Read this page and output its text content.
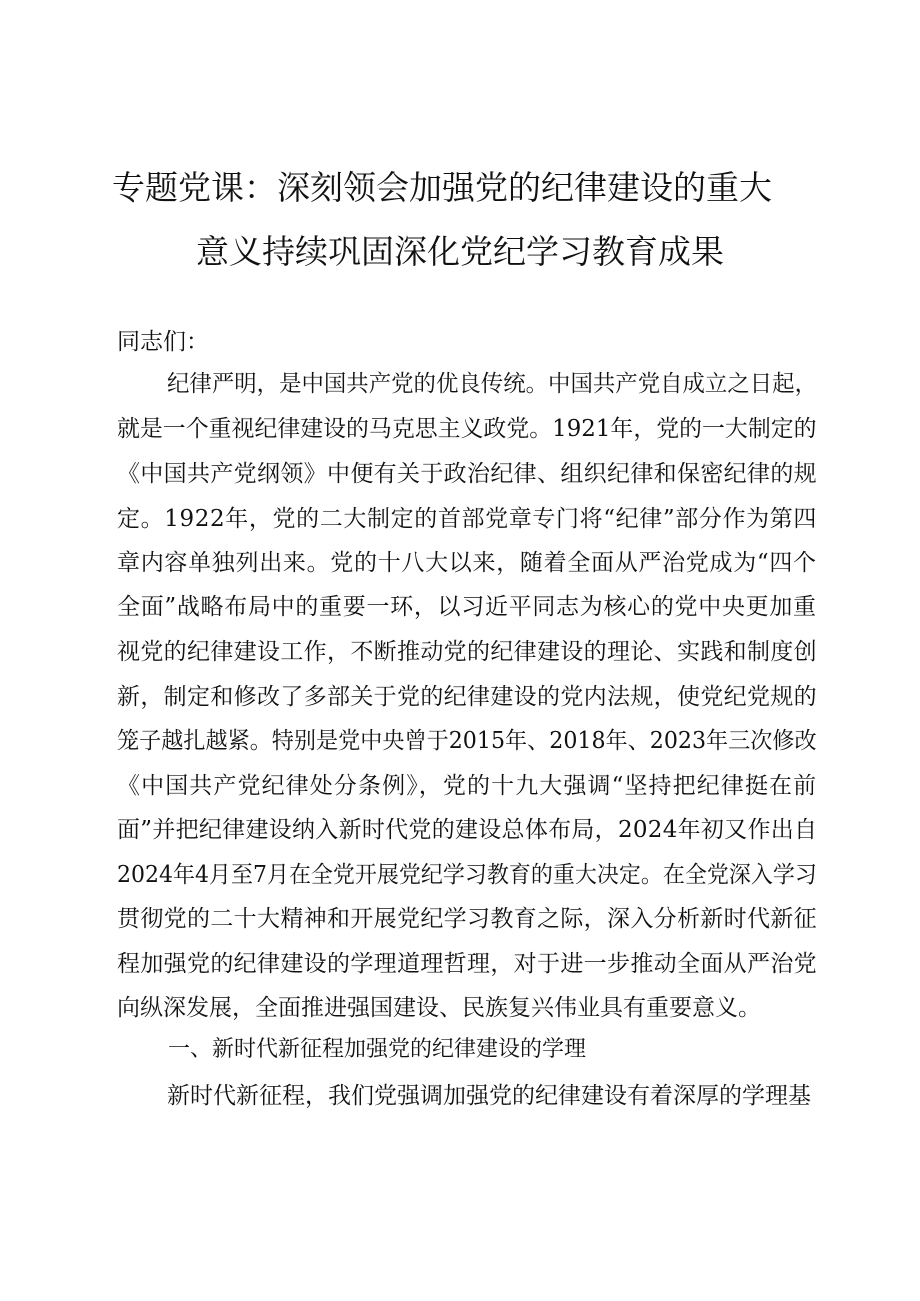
专题党课：深刻领会加强党的纪律建设的重大
意义持续巩固深化党纪学习教育成果
同志们：
纪律严明，是中国共产党的优良传统。中国共产党自成立之日起，
就是一个重视纪律建设的马克思主义政党。1921年，党的一大制定的
《中国共产党纲领》中便有关于政治纪律、组织纪律和保密纪律的规
定。1922年，党的二大制定的首部党章专门将“纪律”部分作为第四
章内容单独列出来。党的十八大以来，随着全面从严治党成为“四个
全面”战略布局中的重要一环，以习近平同志为核心的党中央更加重
视党的纪律建设工作，不断推动党的纪律建设的理论、实践和制度创
新，制定和修改了多部关于党的纪律建设的党内法规，使党纪党规的
笼子越扎越紧。特别是党中央曾于2015年、2018年、2023年三次修改
《中国共产党纪律处分条例》，党的十九大强调“坚持把纪律挺在前
面”并把纪律建设纳入新时代党的建设总体布局，2024年初又作出自
2024年4月至7月在全党开展党纪学习教育的重大决定。在全党深入学习
贯彻党的二十大精神和开展党纪学习教育之际，深入分析新时代新征
程加强党的纪律建设的学理道理哲理，对于进一步推动全面从严治党
向纵深发展，全面推进强国建设、民族复兴伟业具有重要意义。
一、新时代新征程加强党的纪律建设的学理
新时代新征程，我们党强调加强党的纪律建设有着深厚的学理基
